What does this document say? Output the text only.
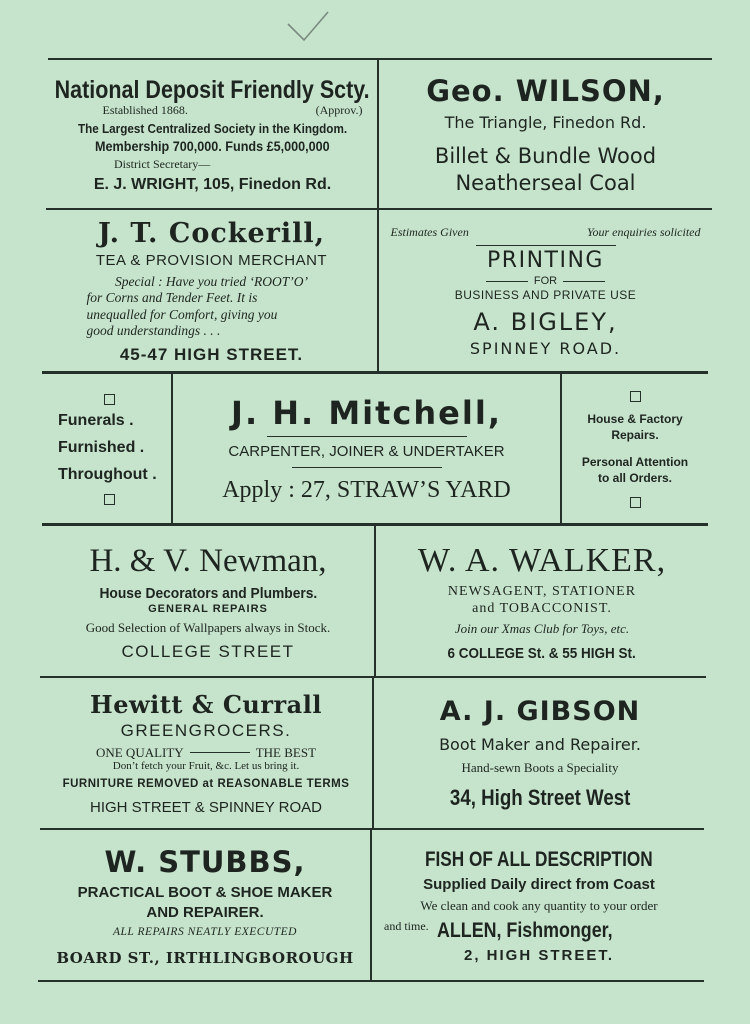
National Deposit Friendly Scty.
Established 1868.	(Approv.)
The Largest Centralized Society in the Kingdom.
Membership 700,000. Funds £5,000,000
District Secretary—
E. J. WRIGHT, 105, Finedon Rd.
Geo. WILSON,
The Triangle, Finedon Rd.
Billet & Bundle Wood
Neatherseal Coal
J. T. Cockerill,
TEA & PROVISION MERCHANT
Special : Have you tried ‘ROOT’O’
for Corns and Tender Feet. It is
unequalled for Comfort, giving you
good understandings . . .
45-47 HIGH STREET.
Estimates Given	Your enquiries solicited
PRINTING
FOR
BUSINESS AND PRIVATE USE
A. BIGLEY,
SPINNEY ROAD.
Funerals .
Furnished .
Throughout .
J. H. Mitchell,
CARPENTER, JOINER & UNDERTAKER
Apply : 27, STRAW’S YARD
House & Factory
Repairs.
Personal Attention
to all Orders.
H. & V. Newman,
House Decorators and Plumbers.
GENERAL REPAIRS
Good Selection of Wallpapers always in Stock.
COLLEGE STREET
W. A. WALKER,
NEWSAGENT, STATIONER
and TOBACCONIST.
Join our Xmas Club for Toys, etc.
6 COLLEGE St. & 55 HIGH St.
Hewitt & Currall
GREENGROCERS.
ONE QUALITY	THE BEST
Don’t fetch your Fruit, &c. Let us bring it.
FURNITURE REMOVED at REASONABLE TERMS
HIGH STREET & SPINNEY ROAD
A. J. GIBSON
Boot Maker and Repairer.
Hand-sewn Boots a Speciality
34, High Street West
W. STUBBS,
PRACTICAL BOOT & SHOE MAKER
AND REPAIRER.
ALL REPAIRS NEATLY EXECUTED
BOARD ST., IRTHLINGBOROUGH
FISH OF ALL DESCRIPTION
Supplied Daily direct from Coast
We clean and cook any quantity to your order
and time. ALLEN, Fishmonger,
2, HIGH STREET.
